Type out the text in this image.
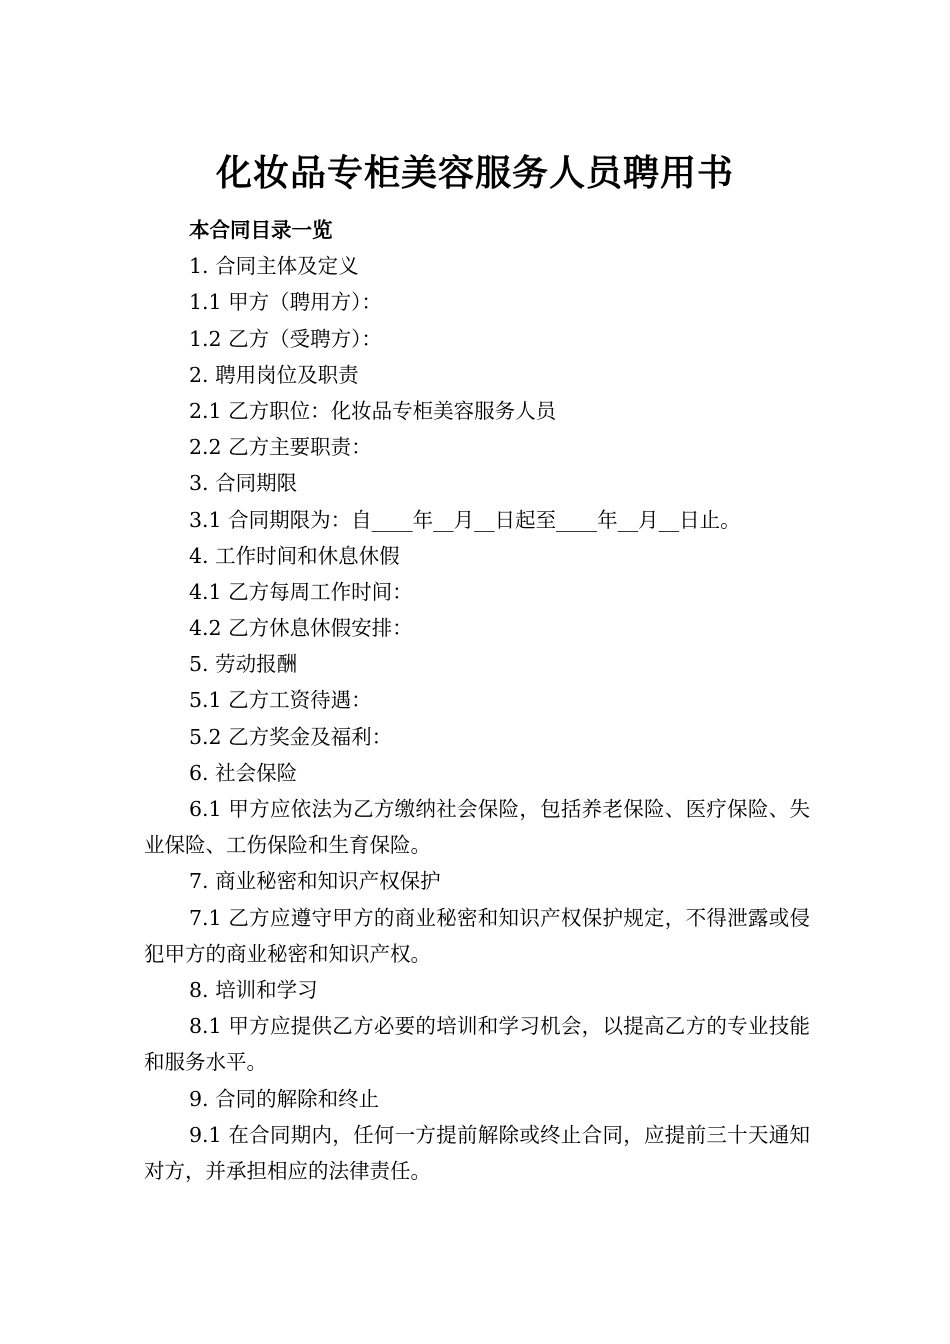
化妆品专柜美容服务人员聘用书
本合同目录一览
1. 合同主体及定义
1.1 甲方（聘用方）：
1.2 乙方（受聘方）：
2. 聘用岗位及职责
2.1 乙方职位：化妆品专柜美容服务人员
2.2 乙方主要职责：
3. 合同期限
3.1 合同期限为：自____年__月__日起至____年__月__日止。
4. 工作时间和休息休假
4.1 乙方每周工作时间：
4.2 乙方休息休假安排：
5. 劳动报酬
5.1 乙方工资待遇：
5.2 乙方奖金及福利：
6. 社会保险
6.1 甲方应依法为乙方缴纳社会保险，包括养老保险、医疗保险、失业保险、工伤保险和生育保险。
7. 商业秘密和知识产权保护
7.1 乙方应遵守甲方的商业秘密和知识产权保护规定，不得泄露或侵犯甲方的商业秘密和知识产权。
8. 培训和学习
8.1 甲方应提供乙方必要的培训和学习机会，以提高乙方的专业技能和服务水平。
9. 合同的解除和终止
9.1 在合同期内，任何一方提前解除或终止合同，应提前三十天通知对方，并承担相应的法律责任。
